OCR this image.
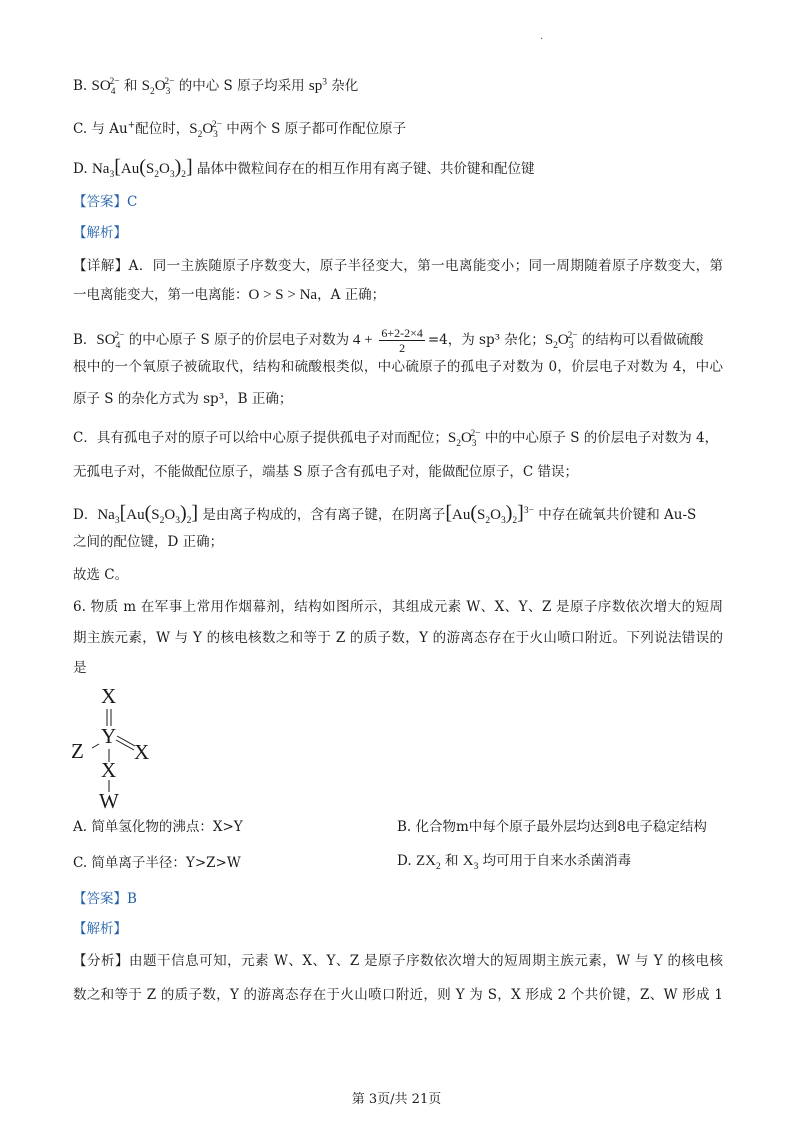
·
B. $SO_4^{2-}$ 和 $S_2O_3^{2-}$ 的中心 S 原子均采用 $sp^3$ 杂化
C. 与 Au+配位时，$S_2O_3^{2-}$ 中两个 S 原子都可作配位原子
D. $Na_3[Au(S_2O_3)_2]$ 晶体中微粒间存在的相互作用有离子键、共价键和配位键
【答案】C
【解析】
【详解】A．同一主族随原子序数变大，原子半径变大，第一电离能变小；同一周期随着原子序数变大，第
一电离能变大，第一电离能：O > S > Na，A 正确；
B．$SO_4^{2-}$ 的中心原子 S 原子的价层电子对数为 $4 + \frac{6+2-2\times 4}{2} =4$，为 sp³ 杂化；$S_2O_3^{2-}$ 的结构可以看做硫酸
根中的一个氧原子被硫取代，结构和硫酸根类似，中心硫原子的孤电子对数为 0，价层电子对数为 4，中心
原子 S 的杂化方式为 sp³，B 正确；
C．具有孤电子对的原子可以给中心原子提供孤电子对而配位；$S_2O_3^{2-}$ 中的中心原子 S 的价层电子对数为 4，
无孤电子对，不能做配位原子，端基 S 原子含有孤电子对，能做配位原子，C 错误；
D．$Na_3[Au(S_2O_3)_2]$ 是由离子构成的，含有离子键，在阴离子$[Au(S_2O_3)_2]^{3-}$ 中存在硫氧共价键和 Au-S
之间的配位键，D 正确；
故选 C。
6. 物质 m 在军事上常用作烟幕剂，结构如图所示，其组成元素 W、X、Y、Z 是原子序数依次增大的短周
期主族元素，W 与 Y 的核电核数之和等于 Z 的质子数，Y 的游离态存在于火山喷口附近。下列说法错误的
是
X
Y
Z X
X
W
A. 简单氢化物的沸点：X>Y	B. 化合物m中每个原子最外层均达到8电子稳定结构
C. 简单离子半径：Y>Z>W	D. $ZX_2$ 和 $X_3$ 均可用于自来水杀菌消毒
【答案】B
【解析】
【分析】由题干信息可知，元素 W、X、Y、Z 是原子序数依次增大的短周期主族元素，W 与 Y 的核电核
数之和等于 Z 的质子数，Y 的游离态存在于火山喷口附近，则 Y 为 S，X 形成 2 个共价键，Z、W 形成 1
第 3页/共 21页
